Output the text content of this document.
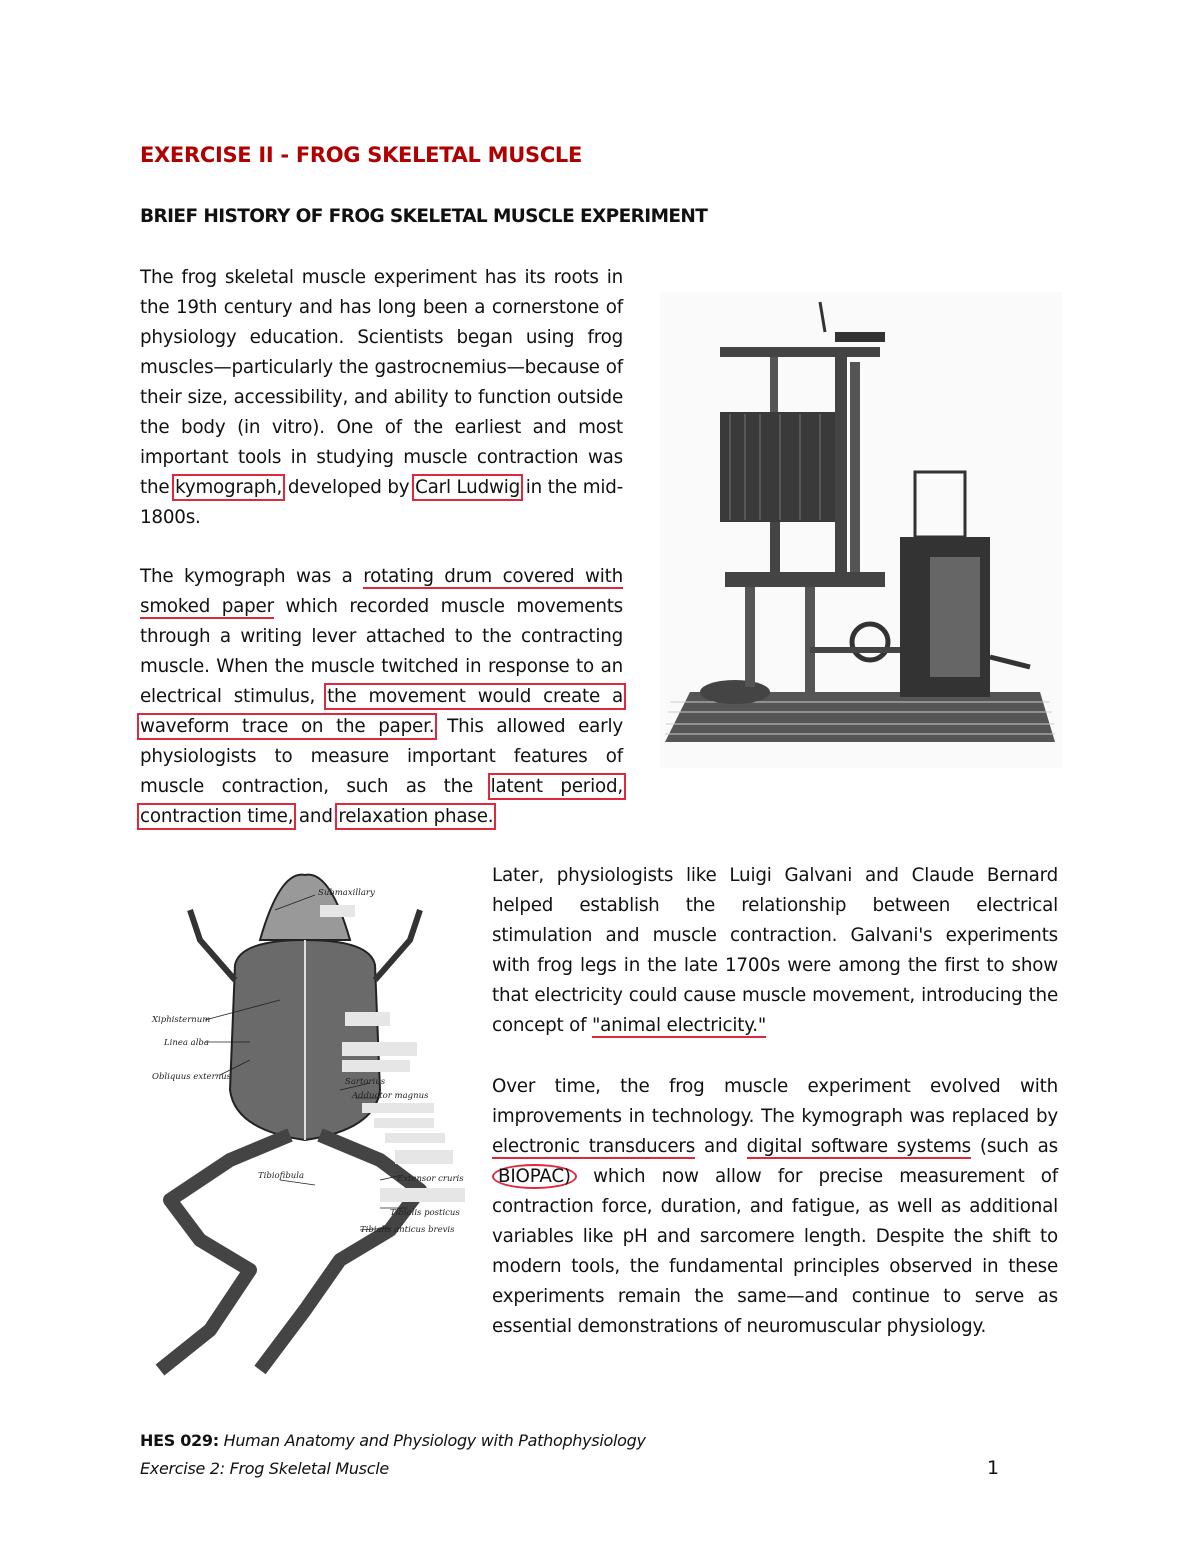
EXERCISE II - FROG SKELETAL MUSCLE
BRIEF HISTORY OF FROG SKELETAL MUSCLE EXPERIMENT
The frog skeletal muscle experiment has its roots in the 19th century and has long been a cornerstone of physiology education. Scientists began using frog muscles—particularly the gastrocnemius—because of their size, accessibility, and ability to function outside the body (in vitro). One of the earliest and most important tools in studying muscle contraction was the kymograph, developed by Carl Ludwig in the mid-1800s.
The kymograph was a rotating drum covered with smoked paper which recorded muscle movements through a writing lever attached to the contracting muscle. When the muscle twitched in response to an electrical stimulus, the movement would create a waveform trace on the paper. This allowed early physiologists to measure important features of muscle contraction, such as the latent period, contraction time, and relaxation phase.
Later, physiologists like Luigi Galvani and Claude Bernard helped establish the relationship between electrical stimulation and muscle contraction. Galvani's experiments with frog legs in the late 1700s were among the first to show that electricity could cause muscle movement, introducing the concept of "animal electricity."
Over time, the frog muscle experiment evolved with improvements in technology. The kymograph was replaced by electronic transducers and digital software systems (such as BIOPAC) which now allow for precise measurement of contraction force, duration, and fatigue, as well as additional variables like pH and sarcomere length. Despite the shift to modern tools, the fundamental principles observed in these experiments remain the same—and continue to serve as essential demonstrations of neuromuscular physiology.
Submaxillary
Xiphisternum
Linea alba
Obliquus externus	Sartorius
Adductor magnus
Tibiofibula	Extensor cruris
Tibialis posticus
Tibialis anticus brevis
HES 029: Human Anatomy and Physiology with Pathophysiology
Exercise 2: Frog Skeletal Muscle	1
